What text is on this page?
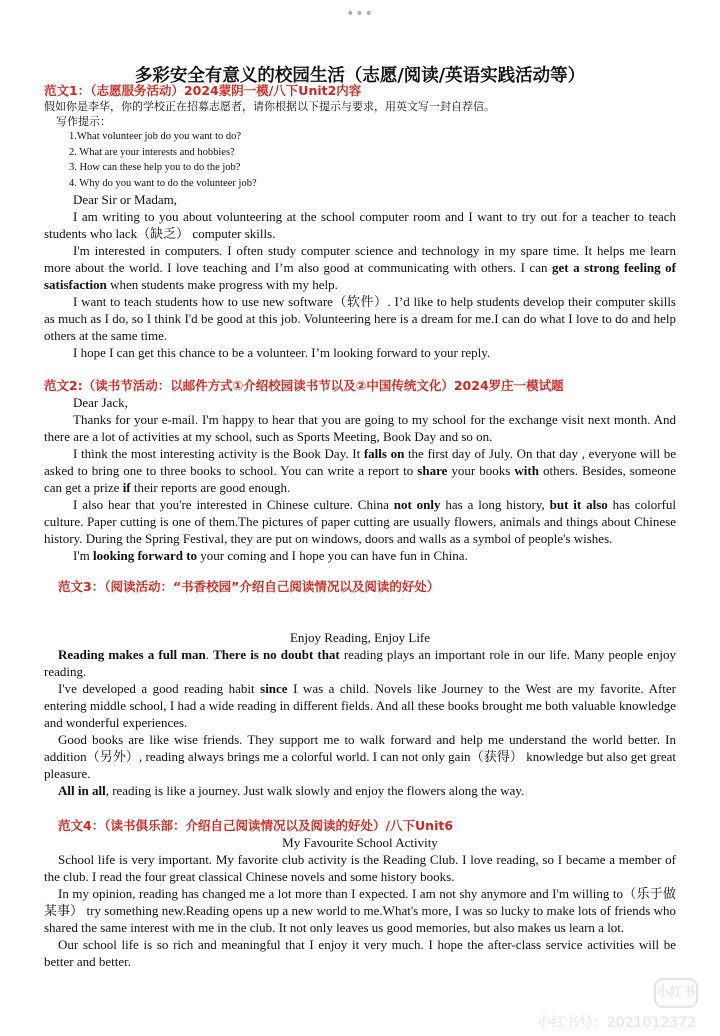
•••
多彩安全有意义的校园生活（志愿/阅读/英语实践活动等）
范文1：（志愿服务活动）2024蒙阴一模/八下Unit2内容
假如你是李华，你的学校正在招募志愿者，请你根据以下提示与要求，用英文写一封自荐信。
写作提示：
1.What volunteer job do you want to do?
2. What are your interests and hobbies?
3. How can these help you to do the job?
4. Why do you want to do the volunteer job?

Dear Sir or Madam,

I am writing to you about volunteering at the school computer room and I want to try out for a teacher to teach students who lack（缺乏） computer skills.

I'm interested in computers. I often study computer science and technology in my spare time. It helps me learn more about the world. I love teaching and I’m also good at communicating with others. I can get a strong feeling of satisfaction when students make progress with my help.

I want to teach students how to use new software（软件）. I’d like to help students develop their computer skills as much as I do, so I think I'd be good at this job. Volunteering here is a dream for me.I can do what I love to do and help others at the same time.

I hope I can get this chance to be a volunteer. I’m looking forward to your reply.

范文2:（读书节活动：以邮件方式①介绍校园读书节以及②中国传统文化）2024罗庄一模试题

Dear Jack,

Thanks for your e-mail. I'm happy to hear that you are going to my school for the exchange visit next month. And there are a lot of activities at my school, such as Sports Meeting, Book Day and so on.

I think the most interesting activity is the Book Day. It falls on the first day of July. On that day , everyone will be asked to bring one to three books to school. You can write a report to share your books with others. Besides, someone can get a prize if their reports are good enough.

I also hear that you're interested in Chinese culture. China not only has a long history, but it also has colorful culture. Paper cutting is one of them.The pictures of paper cutting are usually flowers, animals and things about Chinese history. During the Spring Festival, they are put on windows, doors and walls as a symbol of people's wishes.

I'm looking forward to your coming and I hope you can have fun in China.

范文3：（阅读活动：“书香校园”介绍自己阅读情况以及阅读的好处）

Enjoy Reading, Enjoy Life

Reading makes a full man. There is no doubt that reading plays an important role in our life. Many people enjoy reading.

I've developed a good reading habit since I was a child. Novels like Journey to the West are my favorite. After entering middle school, I had a wide reading in different fields. And all these books brought me both valuable knowledge and wonderful experiences.

Good books are like wise friends. They support me to walk forward and help me understand the world better. In addition（另外）, reading always brings me a colorful world. I can not only gain（获得） knowledge but also get great pleasure.

All in all, reading is like a journey. Just walk slowly and enjoy the flowers along the way.

范文4：（读书俱乐部：介绍自己阅读情况以及阅读的好处）/八下Unit6

My Favourite School Activity

School life is very important. My favorite club activity is the Reading Club. I love reading, so I became a member of the club. I read the four great classical Chinese novels and some history books.

In my opinion, reading has changed me a lot more than I expected. I am not shy anymore and I'm willing to（乐于做某事） try something new.Reading opens up a new world to me.What's more, I was so lucky to make lots of friends who shared the same interest with me in the club. It not only leaves us good memories, but also makes us learn a lot.

Our school life is so rich and meaningful that I enjoy it very much. I hope the after-class service activities will be better and better.

小红书
小红书号：2021012372
